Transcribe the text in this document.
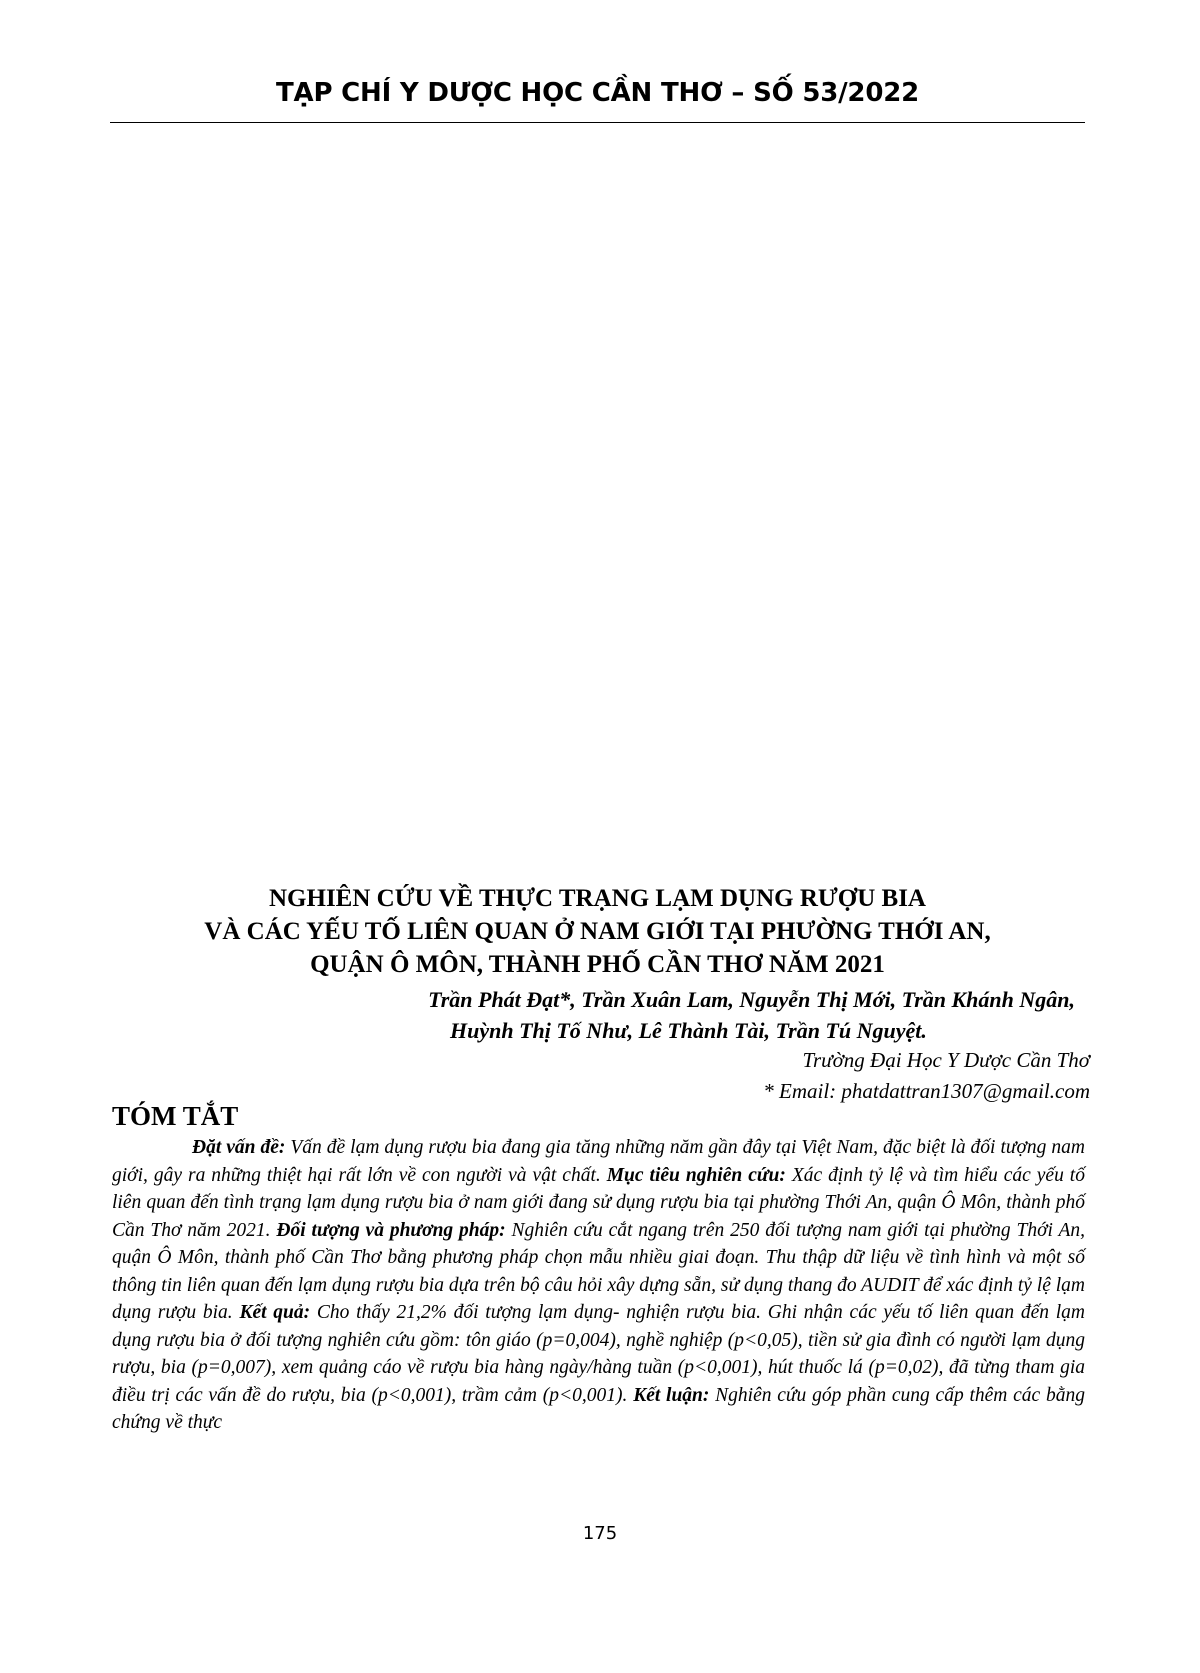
TẠP CHÍ Y DƯỢC HỌC CẦN THƠ – SỐ 53/2022
NGHIÊN CỨU VỀ THỰC TRẠNG LẠM DỤNG RƯỢU BIA
VÀ CÁC YẾU TỐ LIÊN QUAN Ở NAM GIỚI TẠI PHƯỜNG THỚI AN,
QUẬN Ô MÔN, THÀNH PHỐ CẦN THƠ NĂM 2021
Trần Phát Đạt*, Trần Xuân Lam, Nguyễn Thị Mới, Trần Khánh Ngân,
Huỳnh Thị Tố Như, Lê Thành Tài, Trần Tú Nguyệt.
Trường Đại Học Y Dược Cần Thơ
* Email: phatdattran1307@gmail.com
TÓM TẮT

Đặt vấn đề: Vấn đề lạm dụng rượu bia đang gia tăng những năm gần đây tại Việt Nam, đặc biệt là đối tượng nam giới, gây ra những thiệt hại rất lớn về con người và vật chất. Mục tiêu nghiên cứu: Xác định tỷ lệ và tìm hiểu các yếu tố liên quan đến tình trạng lạm dụng rượu bia ở nam giới đang sử dụng rượu bia tại phường Thới An, quận Ô Môn, thành phố Cần Thơ năm 2021. Đối tượng và phương pháp: Nghiên cứu cắt ngang trên 250 đối tượng nam giới tại phường Thới An, quận Ô Môn, thành phố Cần Thơ bằng phương pháp chọn mẫu nhiều giai đoạn. Thu thập dữ liệu về tình hình và một số thông tin liên quan đến lạm dụng rượu bia dựa trên bộ câu hỏi xây dựng sẵn, sử dụng thang đo AUDIT để xác định tỷ lệ lạm dụng rượu bia. Kết quả: Cho thấy 21,2% đối tượng lạm dụng- nghiện rượu bia. Ghi nhận các yếu tố liên quan đến lạm dụng rượu bia ở đối tượng nghiên cứu gồm: tôn giáo (p=0,004), nghề nghiệp (p<0,05), tiền sử gia đình có người lạm dụng rượu, bia (p=0,007), xem quảng cáo về rượu bia hàng ngày/hàng tuần (p<0,001), hút thuốc lá (p=0,02), đã từng tham gia điều trị các vấn đề do rượu, bia (p<0,001), trầm cảm (p<0,001). Kết luận: Nghiên cứu góp phần cung cấp thêm các bằng chứng về thực

175
